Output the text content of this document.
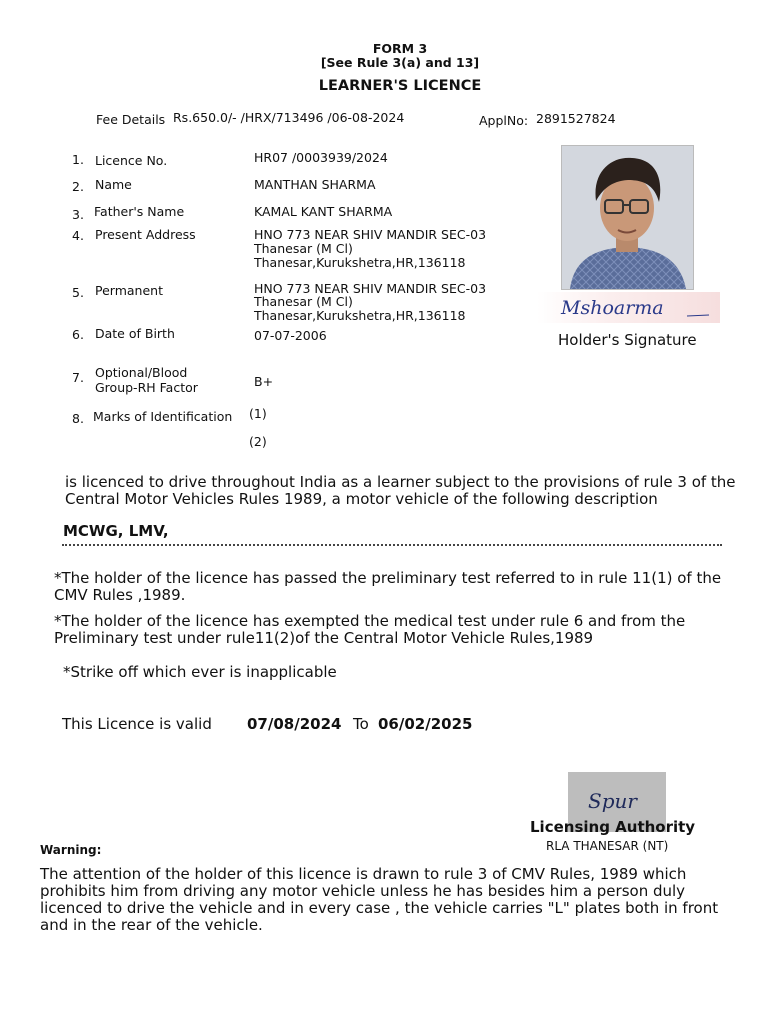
FORM 3
[See Rule 3(a) and 13]
LEARNER'S LICENCE
Fee Details Rs.650.0/- /HRX/713496 /06-08-2024	ApplNo: 2891527824
1. Licence No.	HR07 /0003939/2024
2. Name	MANTHAN SHARMA
3. Father's Name	KAMAL KANT SHARMA
4. Present Address	HNO 773 NEAR SHIV MANDIR SEC-03
Thanesar (M Cl)
Thanesar,Kurukshetra,HR,136118
5. Permanent	HNO 773 NEAR SHIV MANDIR SEC-03
Thanesar (M Cl)
Thanesar,Kurukshetra,HR,136118
6. Date of Birth	07-07-2006
7. Optional/Blood
Group-RH Factor	B+
8. Marks of Identification (1)
(2)
Mshoarma
Holder's Signature
is licenced to drive throughout India as a learner subject to the provisions of rule 3 of the Central Motor Vehicles Rules 1989, a motor vehicle of the following description
MCWG, LMV,
*The holder of the licence has passed the preliminary test referred to in rule 11(1) of the CMV Rules ,1989.
*The holder of the licence has exempted the medical test under rule 6 and from the Preliminary test under rule11(2)of the Central Motor Vehicle Rules,1989
*Strike off which ever is inapplicable
This Licence is valid 07/08/2024 To 06/02/2025
Spur
Licensing Authority
RLA THANESAR (NT)
Warning:
The attention of the holder of this licence is drawn to rule 3 of CMV Rules, 1989 which prohibits him from driving any motor vehicle unless he has besides him a person duly licenced to drive the vehicle and in every case , the vehicle carries "L" plates both in front and in the rear of the vehicle.
